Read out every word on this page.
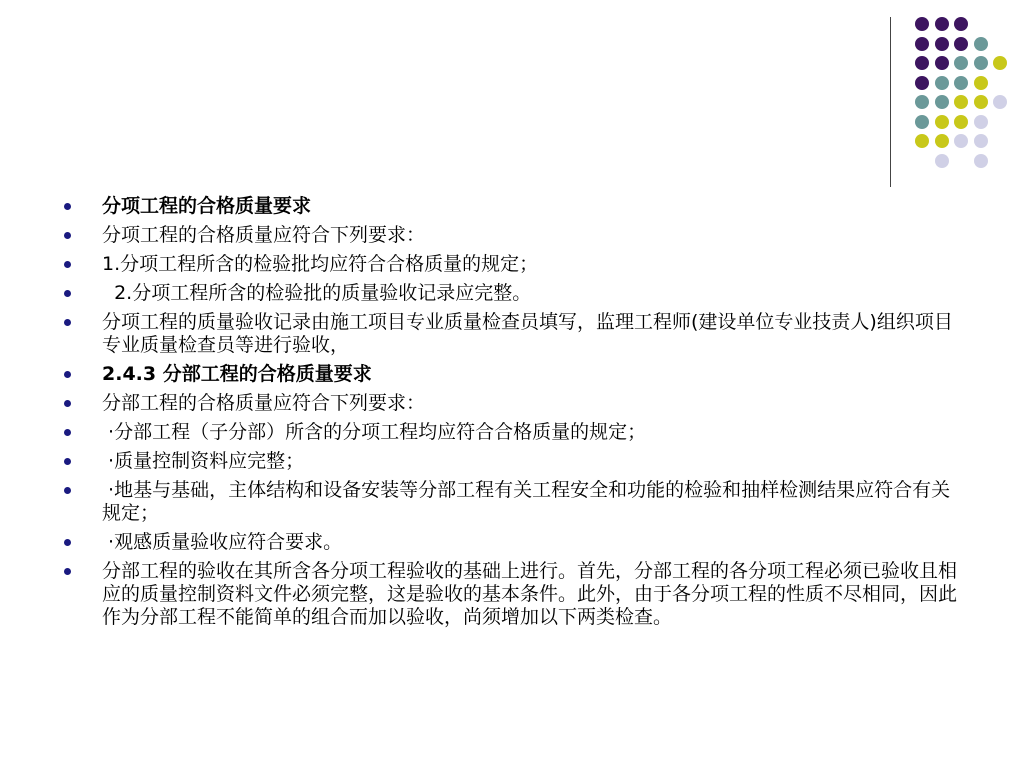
分项工程的合格质量要求
分项工程的合格质量应符合下列要求：
1.分项工程所含的检验批均应符合合格质量的规定；
2.分项工程所含的检验批的质量验收记录应完整。
分项工程的质量验收记录由施工项目专业质量检查员填写，监理工程师(建设单位专业技责人)组织项目专业质量检查员等进行验收，
2.4.3 分部工程的合格质量要求
分部工程的合格质量应符合下列要求：
·分部工程（子分部）所含的分项工程均应符合合格质量的规定；
·质量控制资料应完整；
·地基与基础，主体结构和设备安装等分部工程有关工程安全和功能的检验和抽样检测结果应符合有关规定；
·观感质量验收应符合要求。
分部工程的验收在其所含各分项工程验收的基础上进行。首先，分部工程的各分项工程必须已验收且相应的质量控制资料文件必须完整，这是验收的基本条件。此外，由于各分项工程的性质不尽相同，因此作为分部工程不能简单的组合而加以验收，尚须增加以下两类检查。
